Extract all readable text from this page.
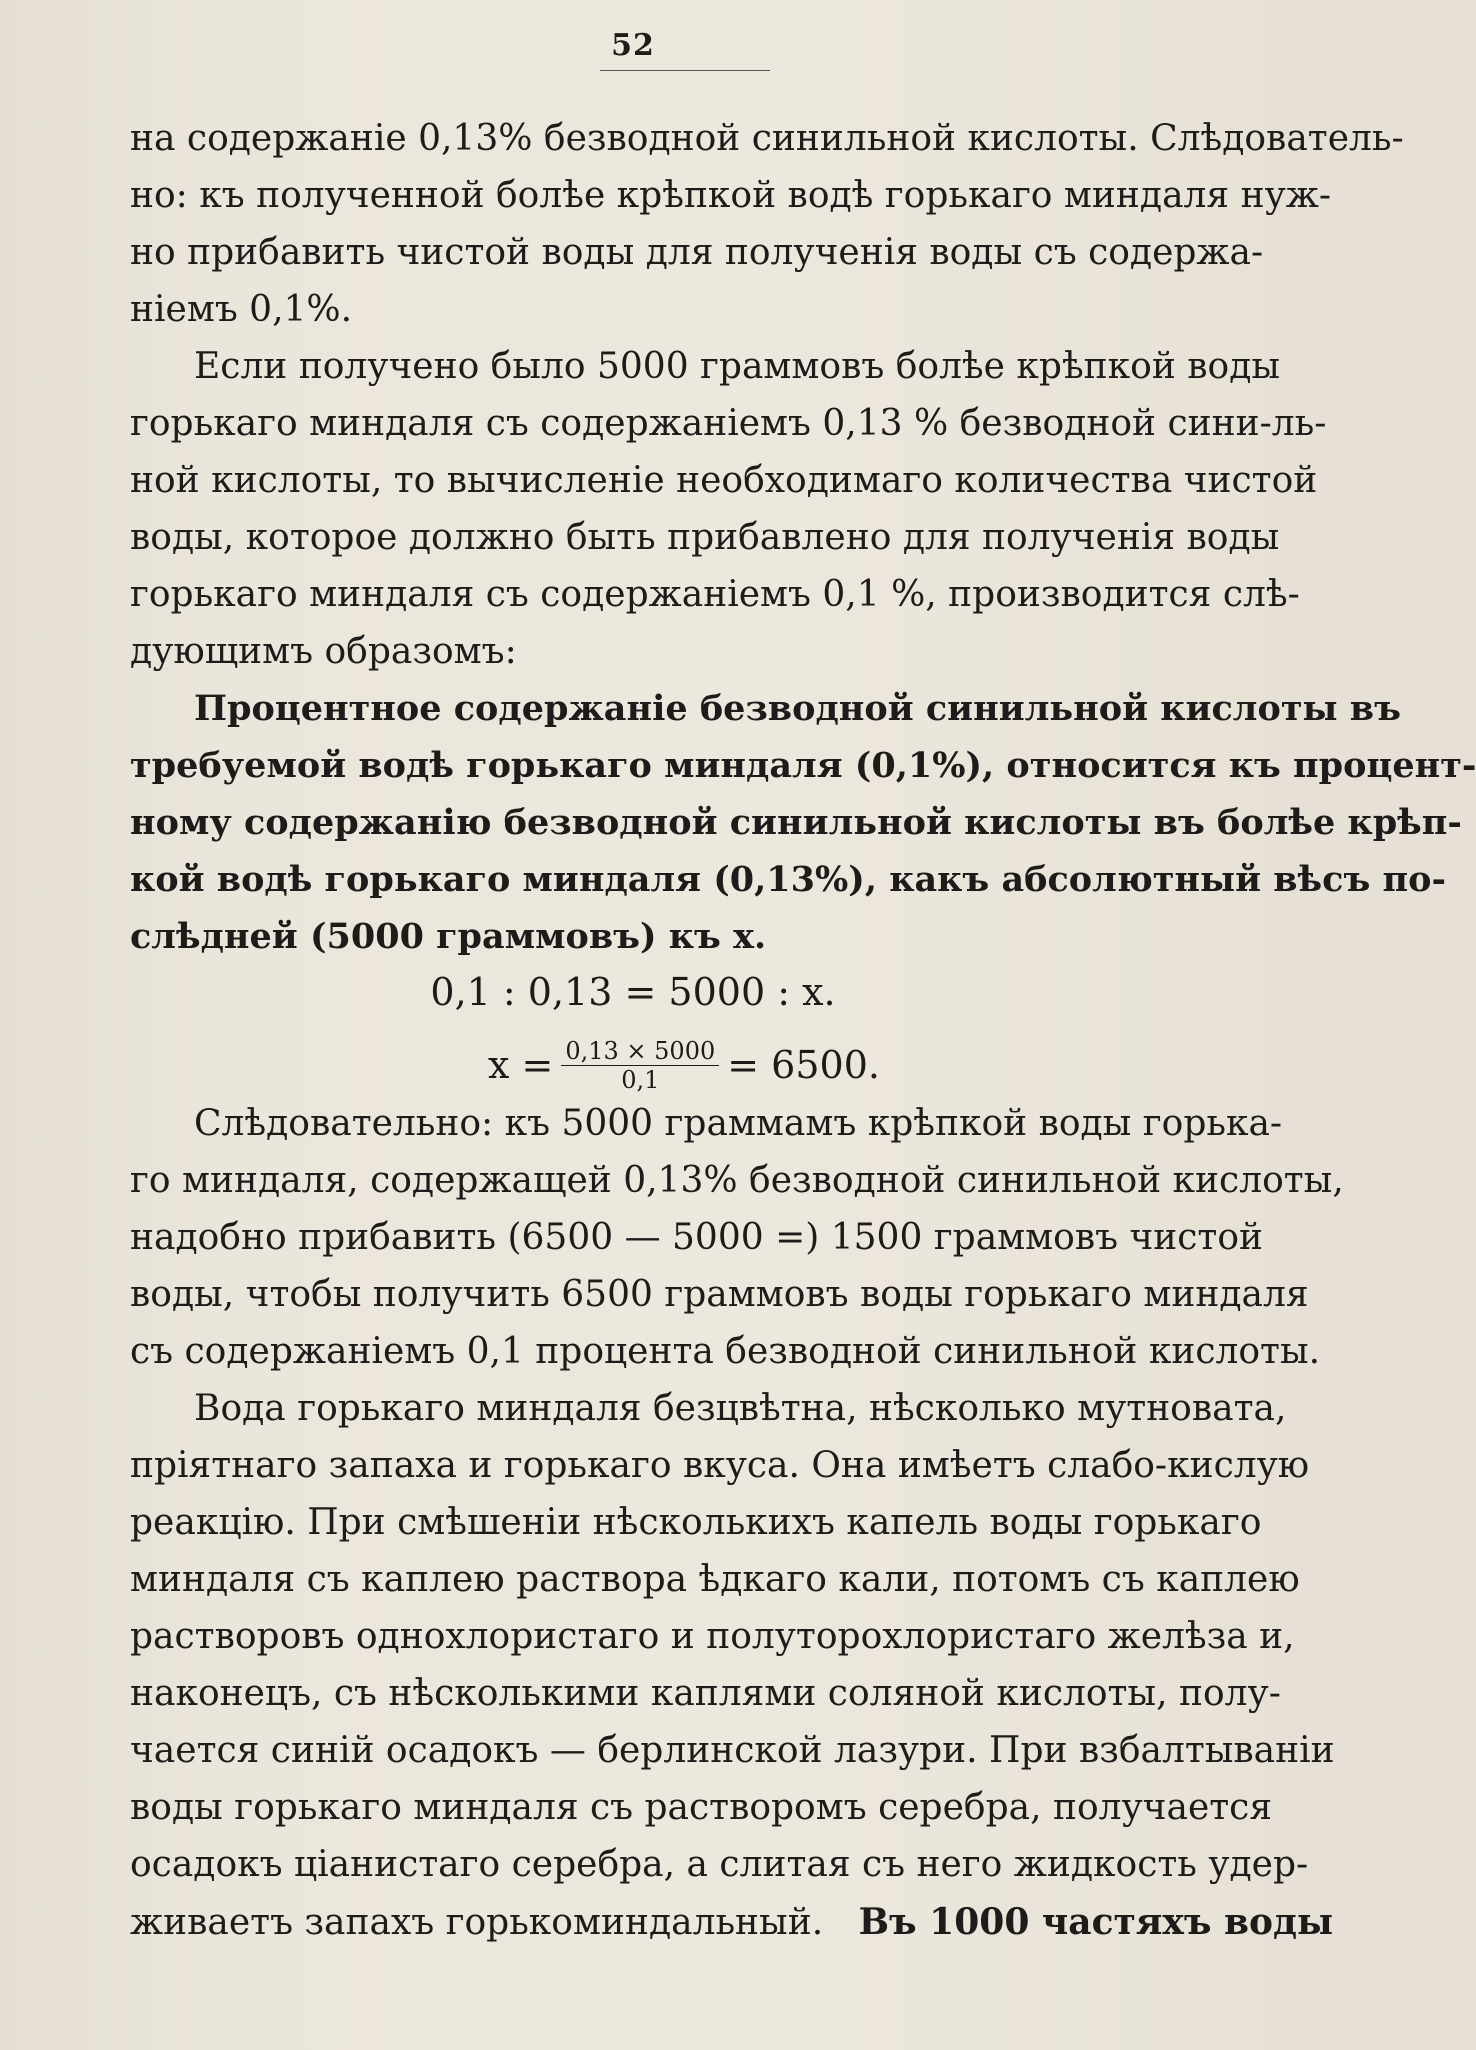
52
на содержаніе 0,13% безводной синильной кислоты. Слѣдователь-
но: къ полученной болѣе крѣпкой водѣ горькаго миндаля нуж-
но прибавить чистой воды для полученія воды съ содержа-
ніемъ 0,1%.
Если получено было 5000 граммовъ болѣе крѣпкой воды
горькаго миндаля съ содержаніемъ 0,13 % безводной сини-ль-
ной кислоты, то вычисленіе необходимаго количества чистой
воды, которое должно быть прибавлено для полученія воды
горькаго миндаля съ содержаніемъ 0,1 %, производится слѣ-
дующимъ образомъ:
Процентное содержаніе безводной синильной кислоты въ
требуемой водѣ горькаго миндаля (0,1%), относится къ процент-
ному содержанію безводной синильной кислоты въ болѣе крѣп-
кой водѣ горькаго миндаля (0,13%), какъ абсолютный вѣсъ по-
слѣдней (5000 граммовъ) къ x.
0,1 : 0,13 = 5000 : x.
$x = \frac{0,13 \times 5000}{0,1} = 6500$.
Слѣдовательно: къ 5000 граммамъ крѣпкой воды горька-
го миндаля, содержащей 0,13% безводной синильной кислоты,
надобно прибавить (6500 — 5000 =) 1500 граммовъ чистой
воды, чтобы получить 6500 граммовъ воды горькаго миндаля
съ содержаніемъ 0,1 процента безводной синильной кислоты.
Вода горькаго миндаля безцвѣтна, нѣсколько мутновата,
пріятнаго запаха и горькаго вкуса. Она имѣетъ слабо-кислую
реакцію. При смѣшеніи нѣсколькихъ капель воды горькаго
миндаля съ каплею раствора ѣдкаго кали, потомъ съ каплею
растворовъ однохлористаго и полуторохлористаго желѣза и,
наконецъ, съ нѣсколькими каплями соляной кислоты, полу-
чается синій осадокъ — берлинской лазури. При взбалтываніи
воды горькаго миндаля съ растворомъ серебра, получается
осадокъ ціанистаго серебра, а слитая съ него жидкость удер-
живаетъ запахъ горькоминдальный. Въ 1000 частяхъ воды
